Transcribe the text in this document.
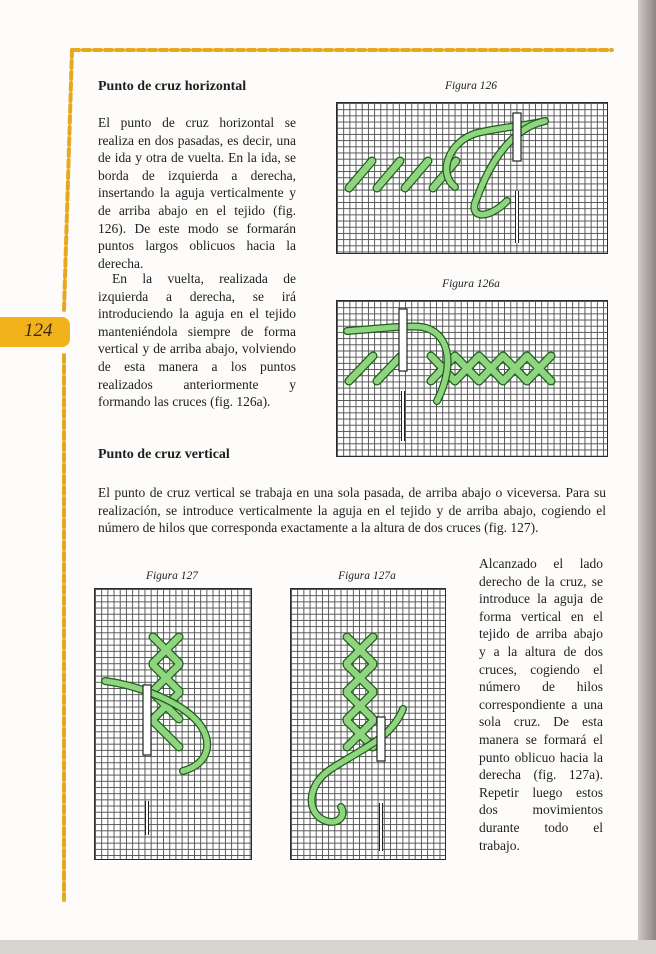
124
Punto de cruz horizontal

El punto de cruz horizontal se realiza en dos pasadas, es decir, una de ida y otra de vuelta. En la ida, se borda de izquierda a derecha, insertando la aguja verticalmente y de arriba abajo en el tejido (fig. 126). De este modo se formarán puntos largos oblicuos hacia la derecha.

En la vuelta, realizada de izquierda a derecha, se irá introduciendo la aguja en el tejido manteniéndola siempre de forma vertical y de arriba abajo, volviendo de esta manera a los puntos realizados anteriormente y formando las cruces (fig. 126a).

Figura 126
Figura 126a
Punto de cruz vertical

El punto de cruz vertical se trabaja en una sola pasada, de arriba abajo o viceversa. Para su realización, se introduce verticalmente la aguja en el tejido y de arriba abajo, cogiendo el número de hilos que corresponda exactamente a la altura de dos cruces (fig. 127).

Figura 127	Figura 127a

Alcanzado el lado derecho de la cruz, se introduce la aguja de forma vertical en el tejido de arriba abajo y a la altura de dos cruces, cogiendo el número de hilos correspondiente a una sola cruz. De esta manera se formará el punto oblicuo hacia la derecha (fig. 127a). Repetir luego estos dos movimientos durante todo el trabajo.
